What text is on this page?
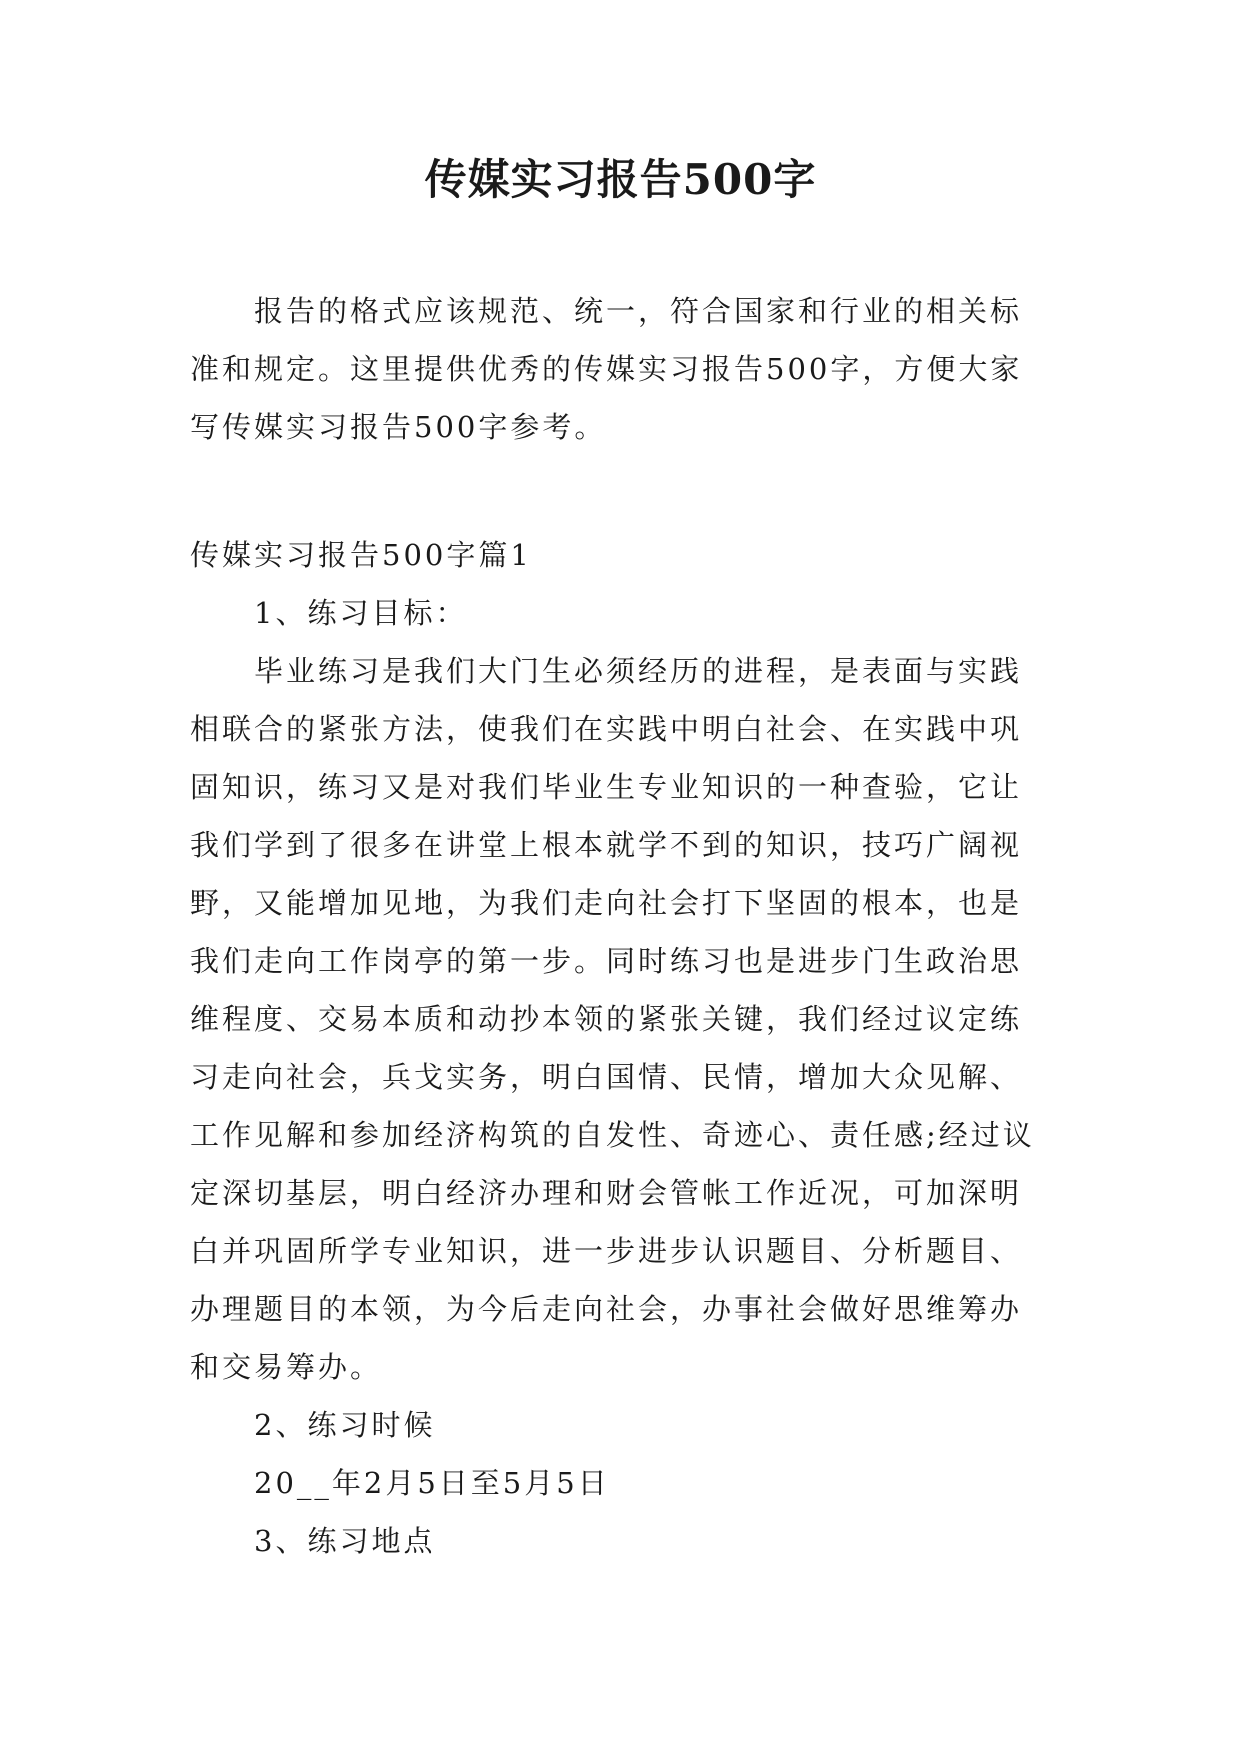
传媒实习报告500字

报告的格式应该规范、统一，符合国家和行业的相关标准和规定。这里提供优秀的传媒实习报告500字，方便大家写传媒实习报告500字参考。

传媒实习报告500字篇1

1、练习目标：

毕业练习是我们大门生必须经历的进程，是表面与实践相联合的紧张方法，使我们在实践中明白社会、在实践中巩固知识，练习又是对我们毕业生专业知识的一种查验，它让我们学到了很多在讲堂上根本就学不到的知识，技巧广阔视野，又能增加见地，为我们走向社会打下坚固的根本，也是我们走向工作岗亭的第一步。同时练习也是进步门生政治思维程度、交易本质和动抄本领的紧张关键，我们经过议定练习走向社会，兵戈实务，明白国情、民情，增加大众见解、工作见解和参加经济构筑的自发性、奇迹心、责任感;经过议定深切基层，明白经济办理和财会管帐工作近况，可加深明白并巩固所学专业知识，进一步进步认识题目、分析题目、办理题目的本领，为今后走向社会，办事社会做好思维筹办和交易筹办。

2、练习时候

20__年2月5日至5月5日

3、练习地点
